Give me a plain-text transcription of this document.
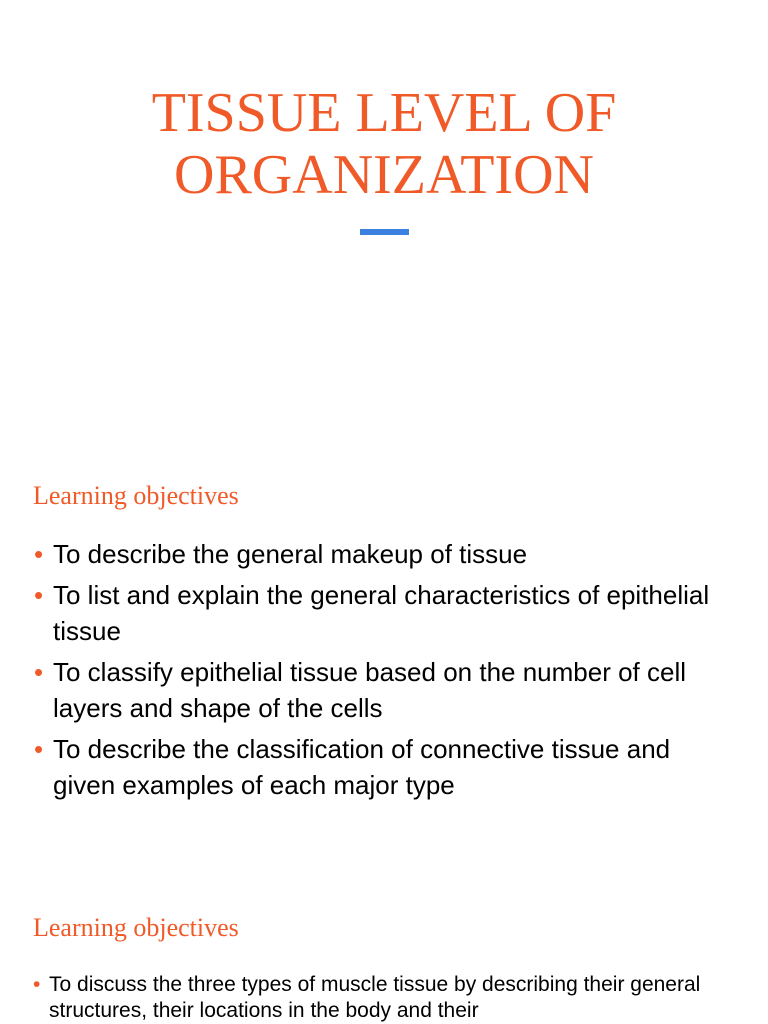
TISSUE LEVEL OF
ORGANIZATION
Learning objectives
• To describe the general makeup of tissue
• To list and explain the general characteristics of epithelial tissue
• To classify epithelial tissue based on the number of cell layers and shape of the cells
• To describe the classification of connective tissue and given examples of each major type
Learning objectives
• To discuss the three types of muscle tissue by describing their general structures, their locations in the body and their
